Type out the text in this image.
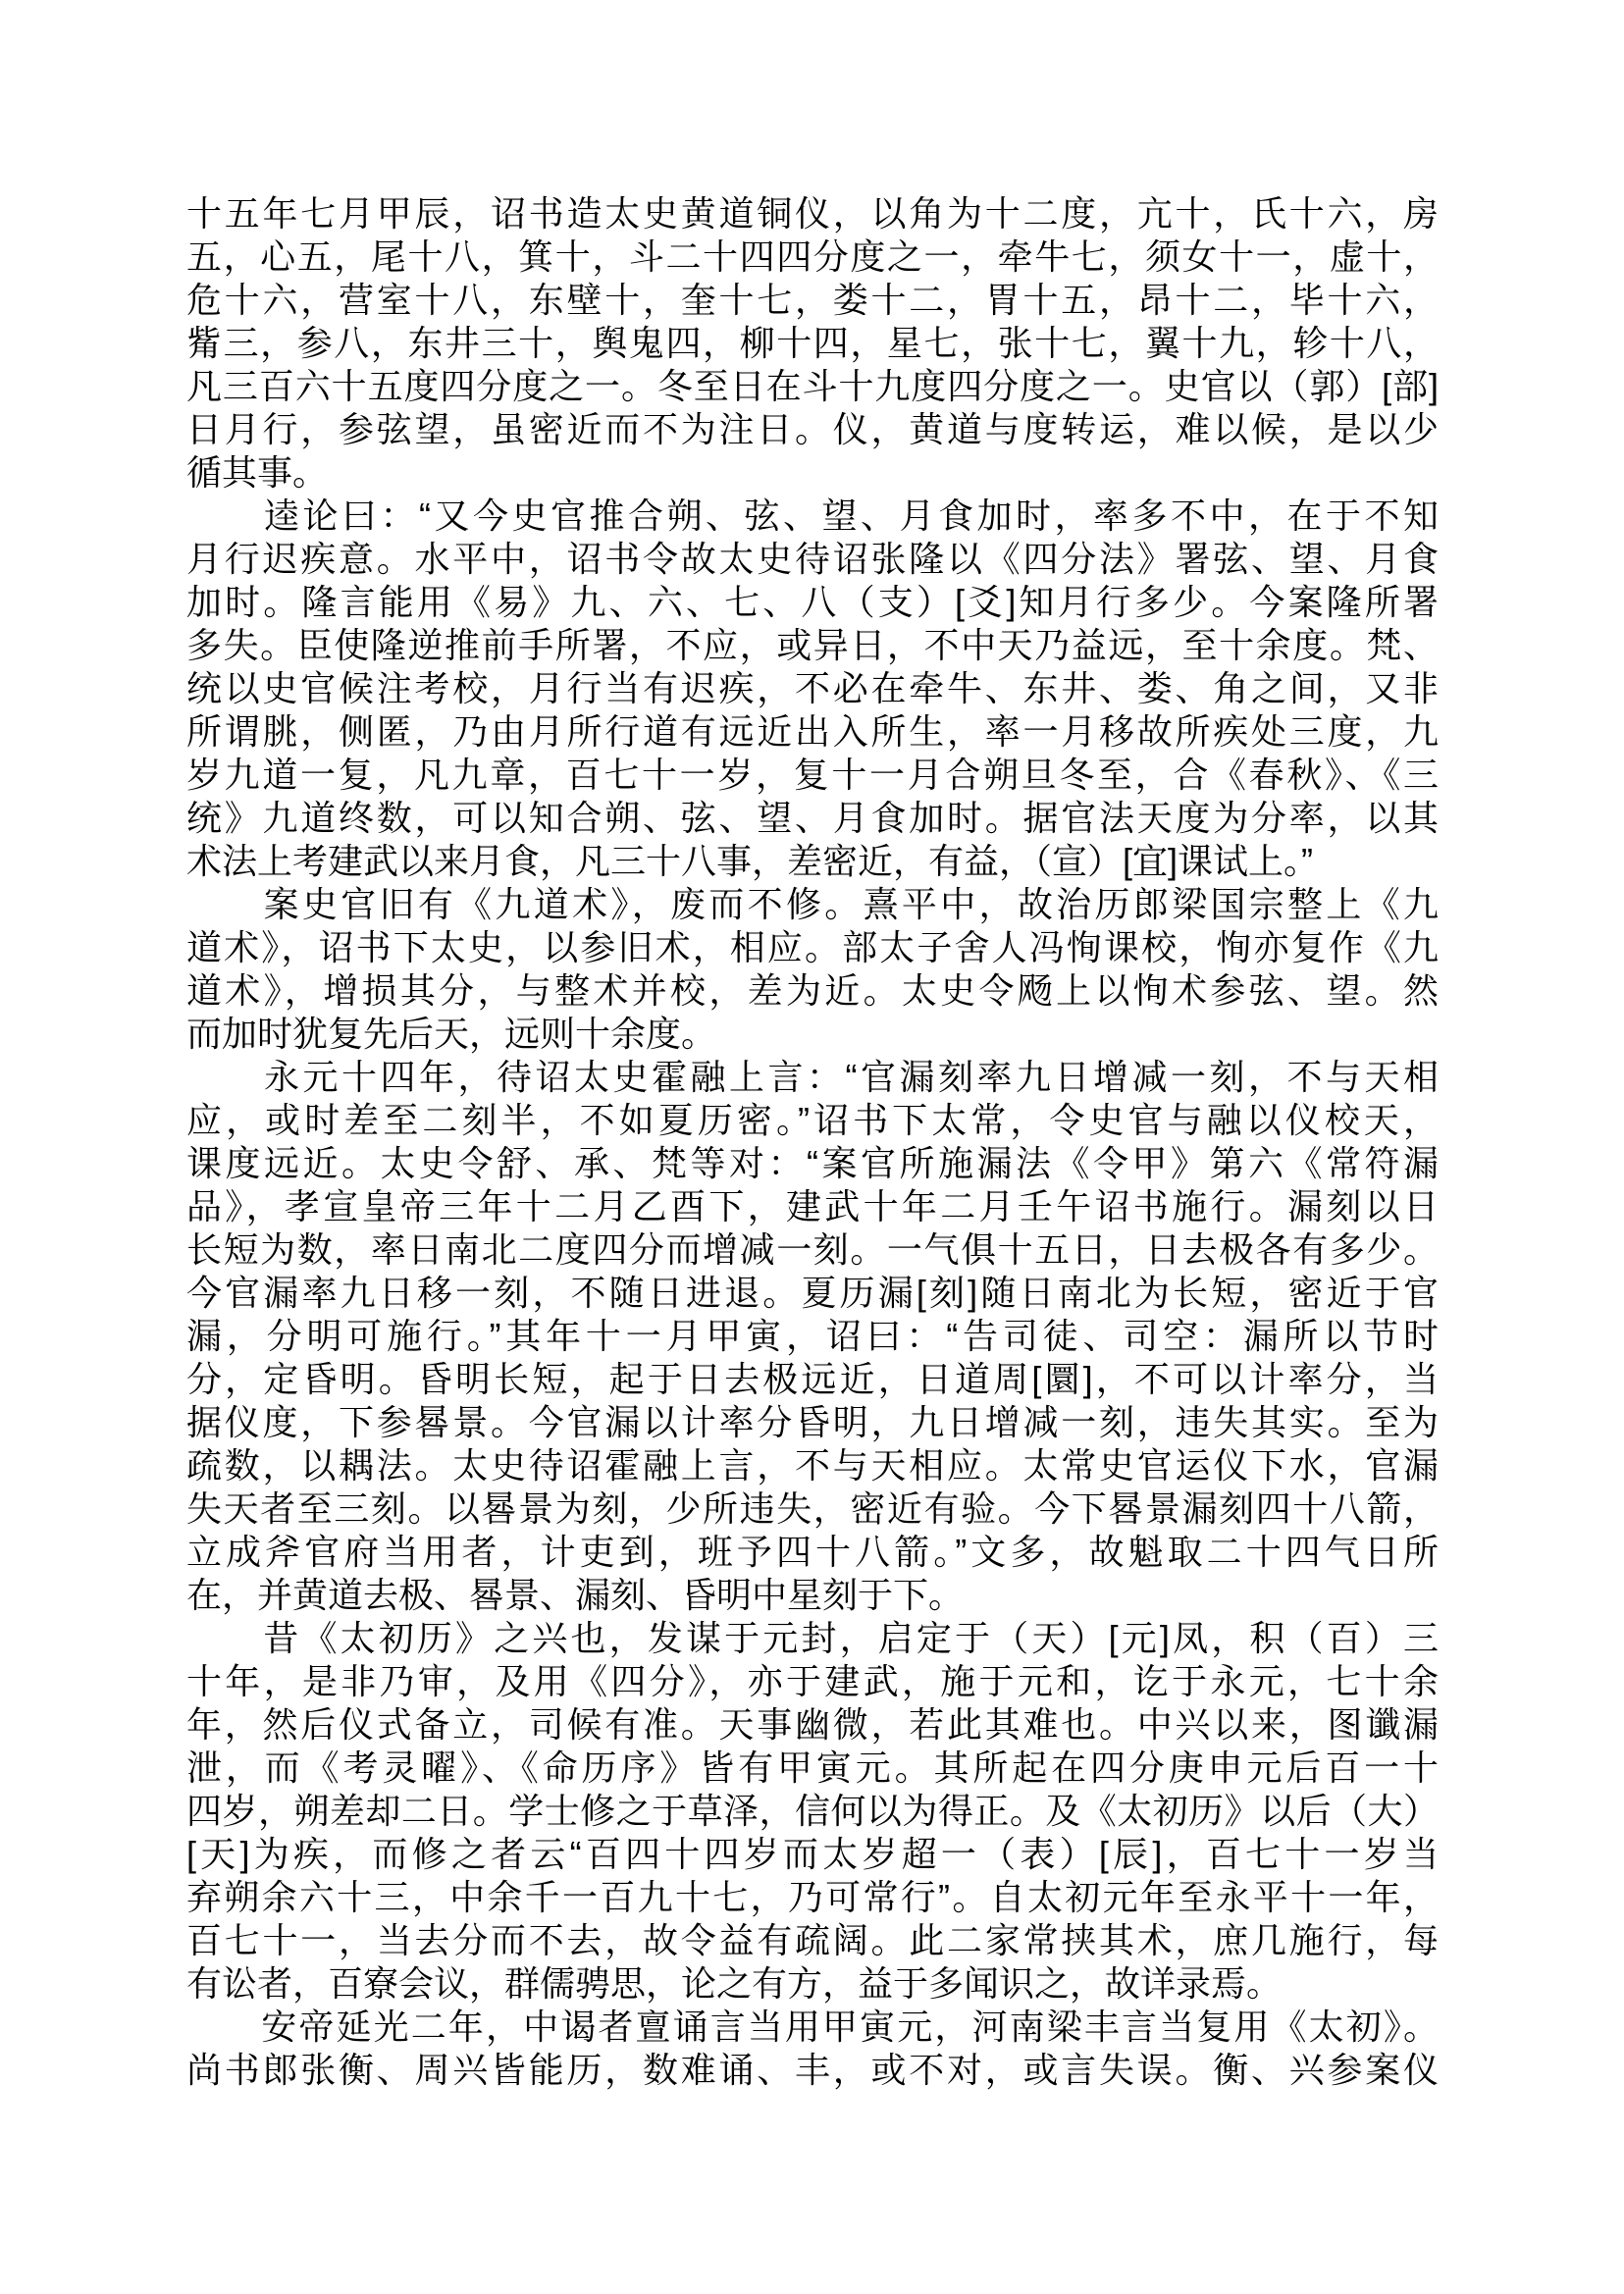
十五年七月甲辰，诏书造太史黄道铜仪，以角为十二度，亢十，氏十六，房
五，心五，尾十八，箕十，斗二十四四分度之一，牵牛七，须女十一，虚十，
危十六，营室十八，东壁十，奎十七，娄十二，胃十五，昂十二，毕十六，
觜三，参八，东井三十，舆鬼四，柳十四，星七，张十七，翼十九，轸十八，
凡三百六十五度四分度之一。冬至日在斗十九度四分度之一。史官以（郭）[部]
日月行，参弦望，虽密近而不为注日。仪，黄道与度转运，难以候，是以少
循其事。
　　逵论曰：“又今史官推合朔、弦、望、月食加时，率多不中，在于不知
月行迟疾意。水平中，诏书令故太史待诏张隆以《四分法》署弦、望、月食
加时。隆言能用《易》九、六、七、八（支）[爻]知月行多少。今案隆所署
多失。臣使隆逆推前手所署，不应，或异日，不中天乃益远，至十余度。梵、
统以史官候注考校，月行当有迟疾，不必在牵牛、东井、娄、角之间，又非
所谓朓，侧匿，乃由月所行道有远近出入所生，率一月移故所疾处三度，九
岁九道一复，凡九章，百七十一岁，复十一月合朔旦冬至，合《春秋》、《三
统》九道终数，可以知合朔、弦、望、月食加时。据官法天度为分率，以其
术法上考建武以来月食，凡三十八事，差密近，有益，（宣）[宜]课试上。”
　　案史官旧有《九道术》，废而不修。熹平中，故治历郎梁国宗整上《九
道术》，诏书下太史，以参旧术，相应。部太子舍人冯恂课校，恂亦复作《九
道术》，增损其分，与整术并校，差为近。太史令飏上以恂术参弦、望。然
而加时犹复先后天，远则十余度。
　　永元十四年，待诏太史霍融上言：“官漏刻率九日增减一刻，不与天相
应，或时差至二刻半，不如夏历密。”诏书下太常，令史官与融以仪校天，
课度远近。太史令舒、承、梵等对：“案官所施漏法《令甲》第六《常符漏
品》，孝宣皇帝三年十二月乙酉下，建武十年二月壬午诏书施行。漏刻以日
长短为数，率日南北二度四分而增减一刻。一气俱十五日，日去极各有多少。
今官漏率九日移一刻，不随日进退。夏历漏[刻]随日南北为长短，密近于官
漏，分明可施行。”其年十一月甲寅，诏曰：“告司徒、司空：漏所以节时
分，定昏明。昏明长短，起于日去极远近，日道周[圜]，不可以计率分，当
据仪度，下参晷景。今官漏以计率分昏明，九日增减一刻，违失其实。至为
疏数，以耦法。太史待诏霍融上言，不与天相应。太常史官运仪下水，官漏
失天者至三刻。以晷景为刻，少所违失，密近有验。今下晷景漏刻四十八箭，
立成斧官府当用者，计吏到，班予四十八箭。”文多，故魁取二十四气日所
在，并黄道去极、晷景、漏刻、昏明中星刻于下。
　　昔《太初历》之兴也，发谋于元封，启定于（天）[元]凤，积（百）三
十年，是非乃审，及用《四分》，亦于建武，施于元和，讫于永元，七十余
年，然后仪式备立，司候有准。天事幽微，若此其难也。中兴以来，图谶漏
泄，而《考灵曜》、《命历序》皆有甲寅元。其所起在四分庚申元后百一十
四岁，朔差却二日。学士修之于草泽，信何以为得正。及《太初历》以后（大）
[天]为疾，而修之者云“百四十四岁而太岁超一（表）[辰]，百七十一岁当
弃朔余六十三，中余千一百九十七，乃可常行”。自太初元年至永平十一年，
百七十一，当去分而不去，故令益有疏阔。此二家常挟其术，庶几施行，每
有讼者，百寮会议，群儒骋思，论之有方，益于多闻识之，故详录焉。
　　安帝延光二年，中谒者亶诵言当用甲寅元，河南梁丰言当复用《太初》。
尚书郎张衡、周兴皆能历，数难诵、丰，或不对，或言失误。衡、兴参案仪
